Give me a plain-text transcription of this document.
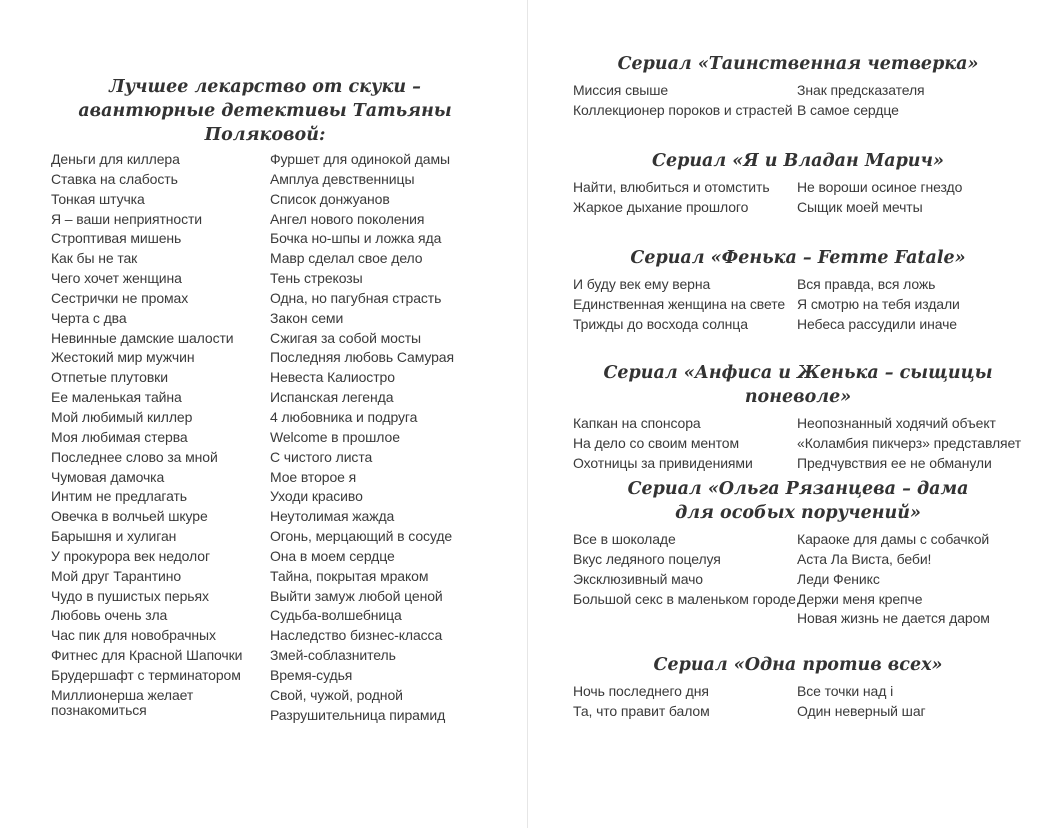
Лучшее лекарство от скуки –
авантюрные детективы Татьяны Поляковой:
Деньги для киллера
Ставка на слабость
Тонкая штучка
Я – ваши неприятности
Строптивая мишень
Как бы не так
Чего хочет женщина
Сестрички не промах
Черта с два
Невинные дамские шалости
Жестокий мир мужчин
Отпетые плутовки
Ее маленькая тайна
Мой любимый киллер
Моя любимая стерва
Последнее слово за мной
Чумовая дамочка
Интим не предлагать
Овечка в волчьей шкуре
Барышня и хулиган
У прокурора век недолог
Мой друг Тарантино
Чудо в пушистых перьях
Любовь очень зла
Час пик для новобрачных
Фитнес для Красной Шапочки
Брудершафт с терминатором
Миллионерша желает познакомиться
Фуршет для одинокой дамы
Амплуа девственницы
Список донжуанов
Ангел нового поколения
Бочка но-шпы и ложка яда
Мавр сделал свое дело
Тень стрекозы
Одна, но пагубная страсть
Закон семи
Сжигая за собой мосты
Последняя любовь Самурая
Невеста Калиостро
Испанская легенда
4 любовника и подруга
Welcome в прошлое
С чистого листа
Мое второе я
Уходи красиво
Неутолимая жажда
Огонь, мерцающий в сосуде
Она в моем сердце
Тайна, покрытая мраком
Выйти замуж любой ценой
Судьба-волшебница
Наследство бизнес-класса
Змей-соблазнитель
Время-судья
Свой, чужой, родной
Разрушительница пирамид
Сериал «Таинственная четверка»
Миссия свыше
Коллекционер пороков и страстей
Знак предсказателя
В самое сердце
Сериал «Я и Владан Марич»
Найти, влюбиться и отомстить
Жаркое дыхание прошлого
Не вороши осиное гнездо
Сыщик моей мечты
Сериал «Фенька – Femme Fatale»
И буду век ему верна
Единственная женщина на свете
Трижды до восхода солнца
Вся правда, вся ложь
Я смотрю на тебя издали
Небеса рассудили иначе
Сериал «Анфиса и Женька – сыщицы поневоле»
Капкан на спонсора
На дело со своим ментом
Охотницы за привидениями
Неопознанный ходячий объект
«Коламбия пикчерз» представляет
Предчувствия ее не обманули
Сериал «Ольга Рязанцева – дама
для особых поручений»
Все в шоколаде
Вкус ледяного поцелуя
Эксклюзивный мачо
Большой секс в маленьком городе
Караоке для дамы с собачкой
Аста Ла Виста, беби!
Леди Феникс
Держи меня крепче
Новая жизнь не дается даром
Сериал «Одна против всех»
Ночь последнего дня
Та, что правит балом
Все точки над i
Один неверный шаг
